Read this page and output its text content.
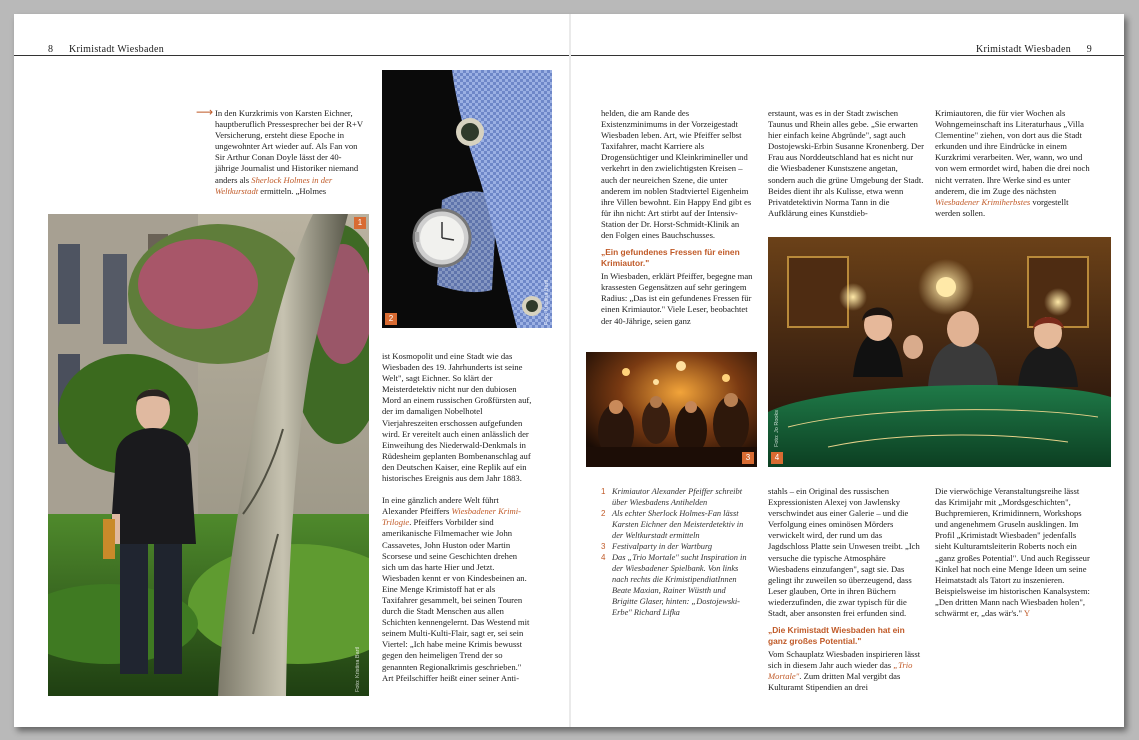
8 Krimistadt Wiesbaden	Krimistadt Wiesbaden 9
⟶ In den Kurzkrimis von Karsten Eichner, hauptberuflich Pressesprecher bei der R+V Versicherung, ersteht diese Epoche in ungewohnter Art wieder auf. Als Fan von Sir Arthur Conan Doyle lässt der 40-jährige Journalist und Historiker niemand anders als Sherlock Holmes in der Weltkurstadt ermitteln. „Holmes

1
Foto: Kristina Bartl
2	Foto: Kristina Bartl

ist Kosmopolit und eine Stadt wie das Wiesbaden des 19. Jahrhunderts ist seine Welt", sagt Eichner. So klärt der Meisterdetektiv nicht nur den dubiosen Mord an einem russischen Großfürsten auf, der im damaligen Nobelhotel Vierjahreszeiten erschossen aufgefunden wird. Er vereitelt auch einen anlässlich der Einweihung des Niederwald-Denkmals in Rüdesheim geplanten Bombenanschlag auf den Deutschen Kaiser, eine Replik auf ein historisches Ereignis aus dem Jahr 1883.

In eine gänzlich andere Welt führt Alexander Pfeiffers Wiesbadener Krimi-Trilogie. Pfeiffers Vorbilder sind amerikanische Filmemacher wie John Cassavetes, John Huston oder Martin Scorsese und seine Geschichten drehen sich um das harte Hier und Jetzt. Wiesbaden kennt er von Kindesbeinen an. Eine Menge Krimistoff hat er als Taxifahrer gesammelt, bei seinen Touren durch die Stadt Menschen aus allen Schichten kennengelernt. Das Westend mit seinem Multi-Kulti-Flair, sagt er, sei sein Viertel: „Ich habe meine Krimis bewusst gegen den heimeligen Trend der so genannten Regionalkrimis geschrieben." Art Pfeilschiffer heißt einer seiner Anti-

helden, die am Rande des Existenzminimums in der Vorzeigestadt Wiesbaden leben. Art, wie Pfeiffer selbst Taxifahrer, macht Karriere als Drogensüchtiger und Kleinkrimineller und verkehrt in den zwielichtigsten Kreisen – auch der neureichen Szene, die unter anderem im noblen Stadtviertel Eigenheim ihre Villen bewohnt. Ein Happy End gibt es für ihn nicht: Art stirbt auf der Intensiv-Station der Dr. Horst-Schmidt-Klinik an den Folgen eines Bauchschusses.

„Ein gefundenes Fressen für einen Krimiautor."

In Wiesbaden, erklärt Pfeiffer, begegne man krassesten Gegensätzen auf sehr geringem Radius: „Das ist ein gefundenes Fressen für einen Krimiautor." Viele Leser, beobachtet der 40-Jährige, seien ganz

erstaunt, was es in der Stadt zwischen Taunus und Rhein alles gebe. „Sie erwarten hier einfach keine Abgründe", sagt auch Dostojewski-Erbin Susanne Kronenberg. Der Frau aus Norddeutschland hat es nicht nur die Wiesbadener Kunstszene angetan, sondern auch die grüne Umgebung der Stadt. Beides dient ihr als Kulisse, etwa wenn Privatdetektivin Norma Tann in die Aufklärung eines Kunstdieb-

Krimiautoren, die für vier Wochen als Wohngemeinschaft ins Literaturhaus „Villa Clementine" ziehen, von dort aus die Stadt erkunden und ihre Eindrücke in einem Kurzkrimi verarbeiten. Wer, wann, wo und von wem ermordet wird, haben die drei noch nicht verraten. Ihre Werke sind es unter anderem, die im Zuge des nächsten Wiesbadener Krimiherbstes vorgestellt werden sollen.

3	4
Foto: Jo Rooks
1 Krimiautor Alexander Pfeiffer schreibt über Wiesbadens Antihelden
2 Als echter Sherlock Holmes-Fan lässt Karsten Eichner den Meisterdetektiv in der Weltkurstadt ermitteln
3 Festivalparty in der Wartburg
4 Das „Trio Mortale" sucht Inspiration in der Wiesbadener Spielbank. Von links nach rechts die KrimistipendiatInnen Beate Maxian, Rainer Wüstth und Brigitte Glaser, hinten: „Dostojewski-Erbe" Richard Lifka

stahls – ein Original des russischen Expressionisten Alexej von Jawlensky verschwindet aus einer Galerie – und die Verfolgung eines ominösen Mörders verwickelt wird, der rund um das Jagdschloss Platte sein Unwesen treibt. „Ich versuche die typische Atmosphäre Wiesbadens einzufangen", sagt sie. Das gelingt ihr zuweilen so überzeugend, dass Leser glauben, Orte in ihren Büchern wiederzufinden, die zwar typisch für die Stadt, aber ansonsten frei erfunden sind.

„Die Krimistadt Wiesbaden hat ein ganz großes Potential."

Vom Schauplatz Wiesbaden inspirieren lässt sich in diesem Jahr auch wieder das „Trio Mortale". Zum dritten Mal vergibt das Kulturamt Stipendien an drei

Die vierwöchige Veranstaltungsreihe lässt das Krimijahr mit „Mordsgeschichten", Buchpremieren, Krimidinnern, Workshops und angenehmem Gruseln ausklingen. Im Profil „Krimistadt Wiesbaden" jedenfalls sieht Kulturamtsleiterin Roberts noch ein „ganz großes Potential". Und auch Regisseur Kinkel hat noch eine Menge Ideen um seine Heimatstadt als Tatort zu inszenieren. Beispielsweise im historischen Kanalsystem: „Den dritten Mann nach Wiesbaden holen", schwärmt er, „das wär's." Y
